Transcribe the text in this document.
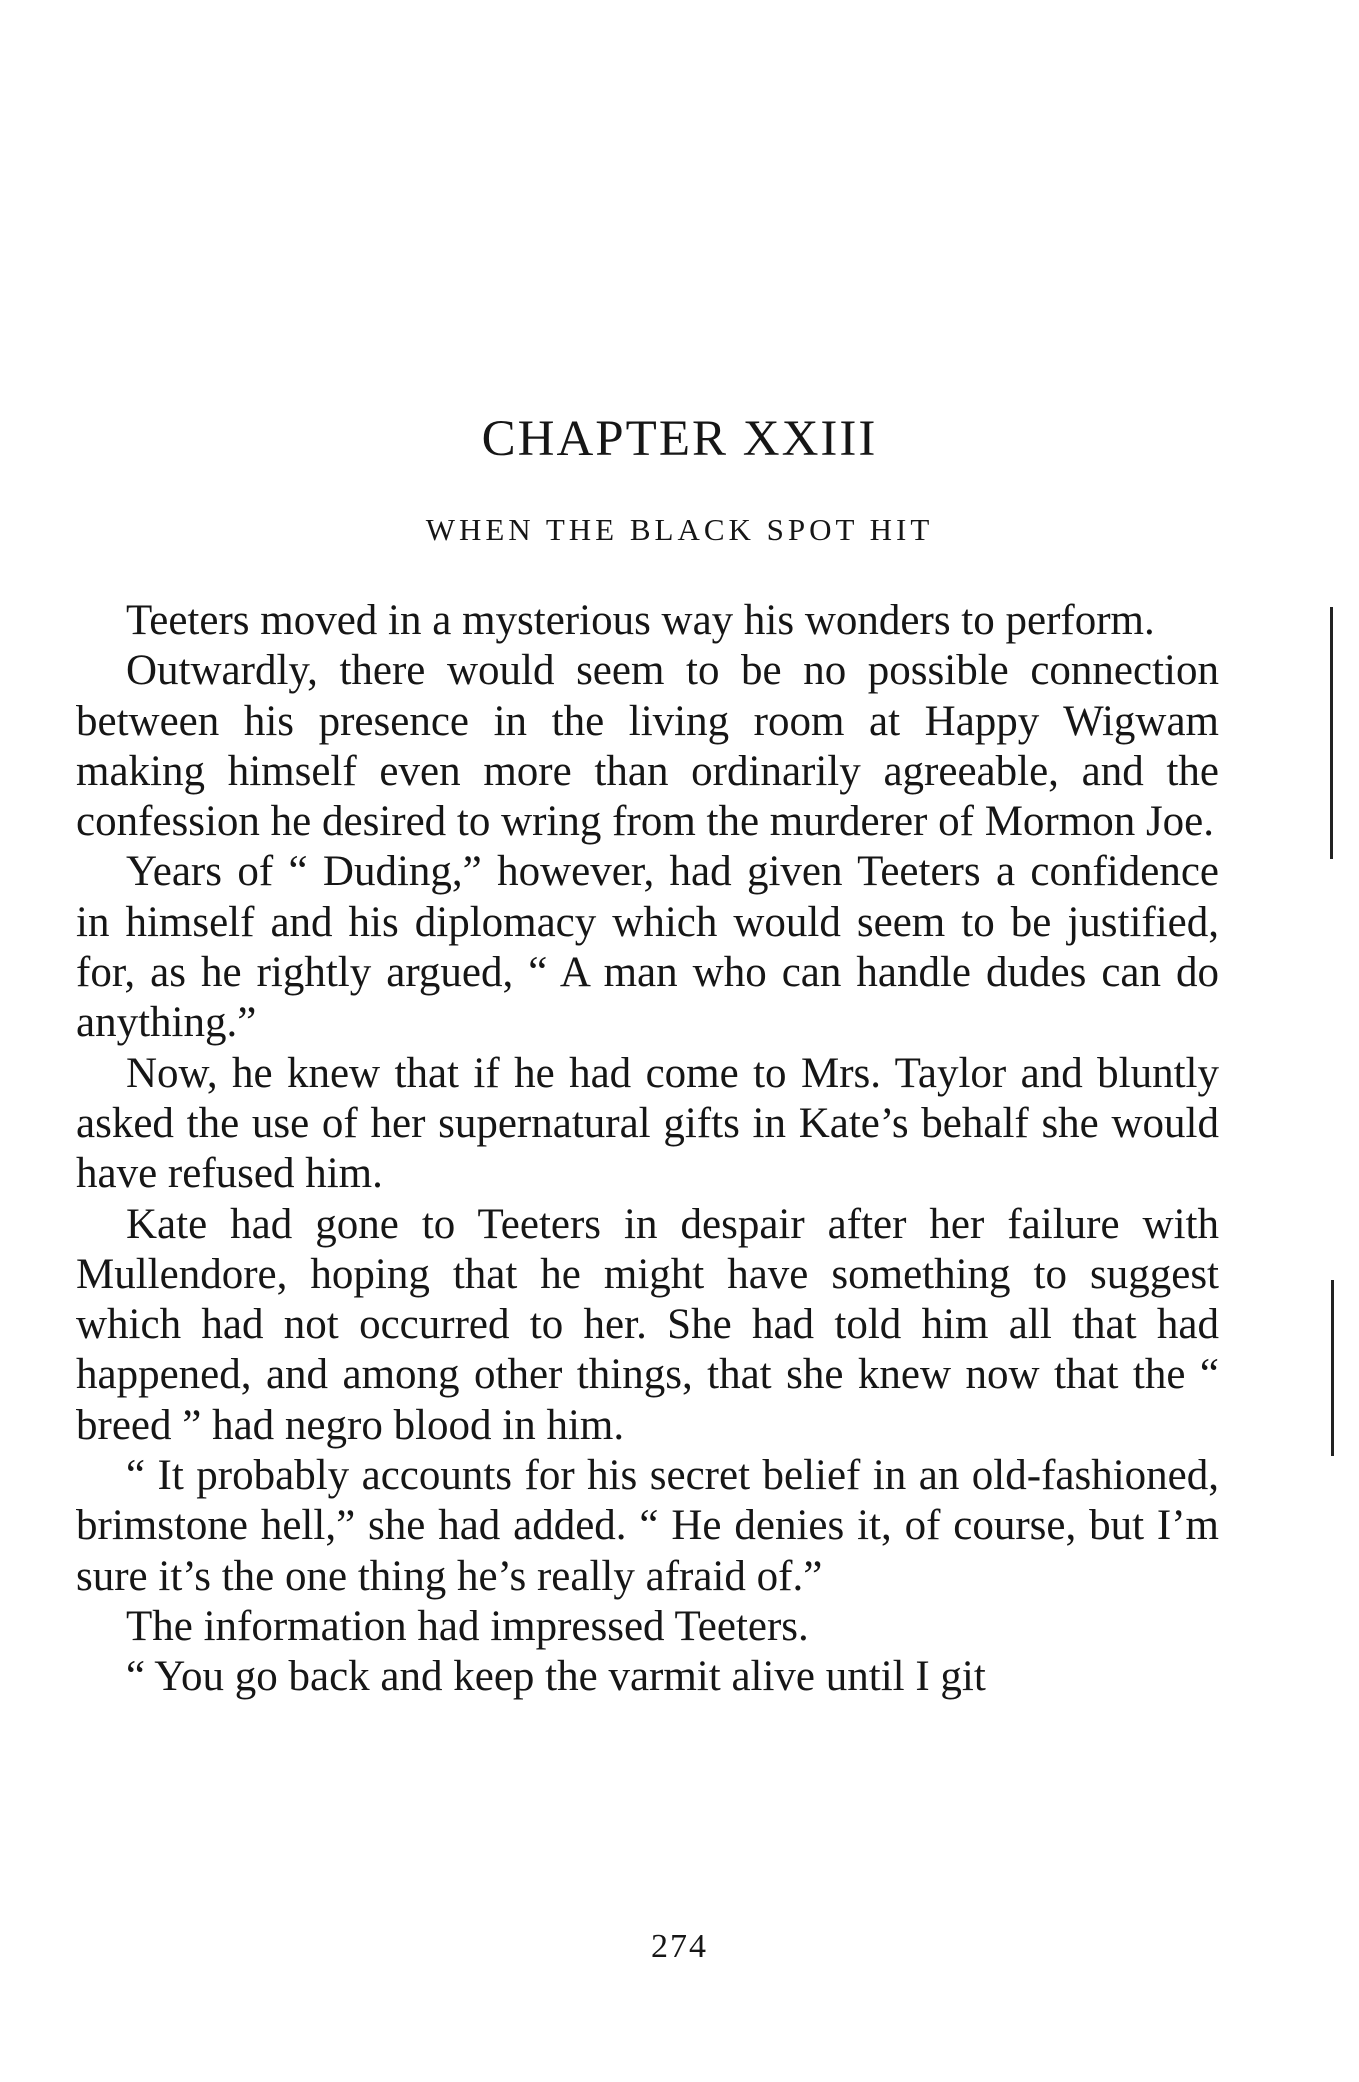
CHAPTER XXIII
WHEN THE BLACK SPOT HIT

Teeters moved in a mysterious way his wonders to perform.

Outwardly, there would seem to be no possible connection between his presence in the living room at Happy Wigwam making himself even more than ordinarily agreeable, and the confession he desired to wring from the murderer of Mormon Joe.

Years of “ Duding,” however, had given Teeters a confidence in himself and his diplomacy which would seem to be justified, for, as he rightly argued, “ A man who can handle dudes can do anything.”

Now, he knew that if he had come to Mrs. Taylor and bluntly asked the use of her supernatural gifts in Kate’s behalf she would have refused him.

Kate had gone to Teeters in despair after her failure with Mullendore, hoping that he might have something to suggest which had not occurred to her. She had told him all that had happened, and among other things, that she knew now that the “ breed ” had negro blood in him.

“ It probably accounts for his secret belief in an old-fashioned, brimstone hell,” she had added. “ He denies it, of course, but I’m sure it’s the one thing he’s really afraid of.”

The information had impressed Teeters.

“ You go back and keep the varmit alive until I git

274
